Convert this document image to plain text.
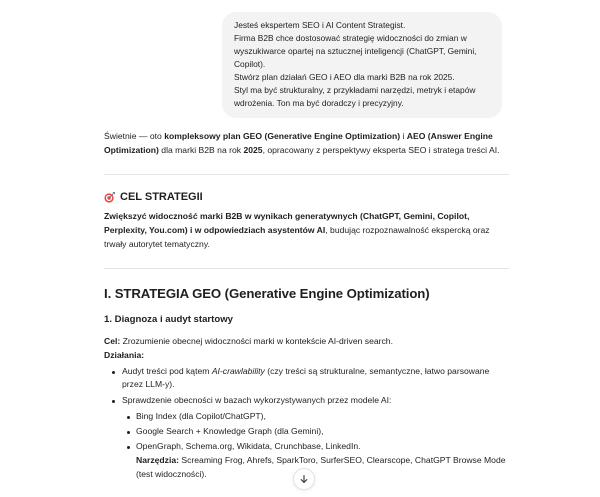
Jesteś ekspertem SEO i AI Content Strategist.
Firma B2B chce dostosować strategię widoczności do zmian w
wyszukiwarce opartej na sztucznej inteligencji (ChatGPT, Gemini,
Copilot).
Stwórz plan działań GEO i AEO dla marki B2B na rok 2025.
Styl ma być strukturalny, z przykładami narzędzi, metryk i etapów
wdrożenia. Ton ma być doradczy i precyzyjny.

Świetnie — oto kompleksowy plan GEO (Generative Engine Optimization) i AEO (Answer Engine Optimization) dla marki B2B na rok 2025, opracowany z perspektywy eksperta SEO i stratega treści AI.

CEL STRATEGII

Zwiększyć widoczność marki B2B w wynikach generatywnych (ChatGPT, Gemini, Copilot, Perplexity, You.com) i w odpowiedziach asystentów AI, budując rozpoznawalność ekspercką oraz trwały autorytet tematyczny.

I. STRATEGIA GEO (Generative Engine Optimization)
1. Diagnoza i audyt startowy

Cel: Zrozumienie obecnej widoczności marki w kontekście AI-driven search.

Działania:

Audyt treści pod kątem AI-crawlability (czy treści są strukturalne, semantyczne, łatwo parsowane przez LLM-y).
Sprawdzenie obecności w bazach wykorzystywanych przez modele AI:
Bing Index (dla Copilot/ChatGPT),
Google Search + Knowledge Graph (dla Gemini),
OpenGraph, Schema.org, Wikidata, Crunchbase, LinkedIn.

Narzędzia: Screaming Frog, Ahrefs, SparkToro, SurferSEO, Clearscope, ChatGPT Browse Mode (test widoczności).
